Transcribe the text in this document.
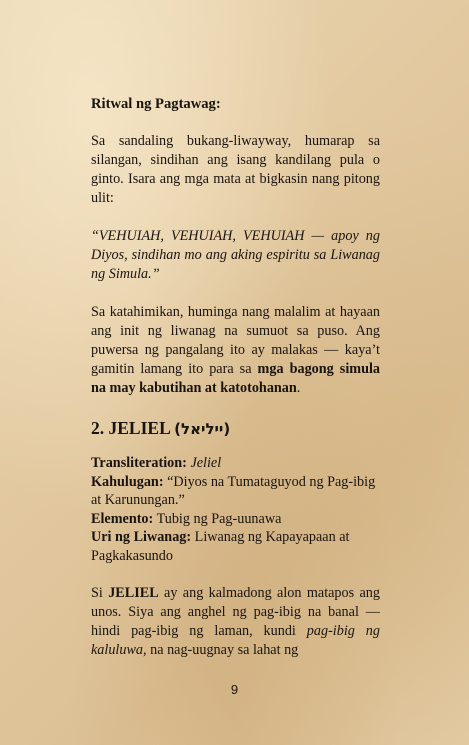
Ritwal ng Pagtawag:

Sa sandaling bukang-liwayway, humarap sa silangan, sindihan ang isang kandilang pula o ginto. Isara ang mga mata at bigkasin nang pitong ulit:

“VEHUIAH, VEHUIAH, VEHUIAH — apoy ng Diyos, sindihan mo ang aking espiritu sa Liwanag ng Simula.”

Sa katahimikan, huminga nang malalim at hayaan ang init ng liwanag na sumuot sa puso. Ang puwersa ng pangalang ito ay malakas — kaya’t gamitin lamang ito para sa mga bagong simula na may kabutihan at katotohanan.

2. JELIEL (ייליאל)

Transliteration: Jeliel

Kahulugan: “Diyos na Tumataguyod ng Pag-ibig at Karunungan.”

Elemento: Tubig ng Pag-uunawa

Uri ng Liwanag: Liwanag ng Kapayapaan at Pagkakasundo

Si JELIEL ay ang kalmadong alon matapos ang unos. Siya ang anghel ng pag-ibig na banal — hindi pag-ibig ng laman, kundi pag-ibig ng kaluluwa, na nag-uugnay sa lahat ng

9
